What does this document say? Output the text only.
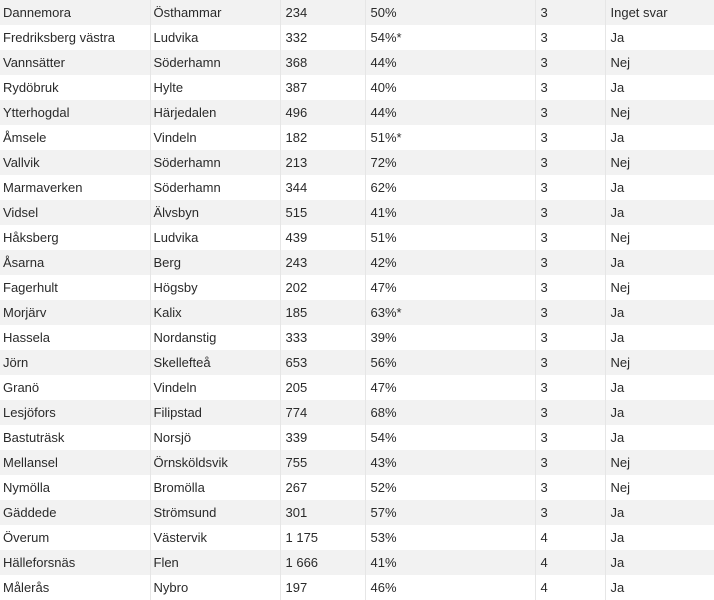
Dannemora	Östhammar	234	50%	3	Inget svar
Fredriksberg västra	Ludvika	332	54%*	3	Ja
Vannsätter	Söderhamn	368	44%	3	Nej
Rydöbruk	Hylte	387	40%	3	Ja
Ytterhogdal	Härjedalen	496	44%	3	Nej
Åmsele	Vindeln	182	51%*	3	Ja
Vallvik	Söderhamn	213	72%	3	Nej
Marmaverken	Söderhamn	344	62%	3	Ja
Vidsel	Älvsbyn	515	41%	3	Ja
Håksberg	Ludvika	439	51%	3	Nej
Åsarna	Berg	243	42%	3	Ja
Fagerhult	Högsby	202	47%	3	Nej
Morjärv	Kalix	185	63%*	3	Ja
Hassela	Nordanstig	333	39%	3	Ja
Jörn	Skellefteå	653	56%	3	Nej
Granö	Vindeln	205	47%	3	Ja
Lesjöfors	Filipstad	774	68%	3	Ja
Bastuträsk	Norsjö	339	54%	3	Ja
Mellansel	Örnsköldsvik	755	43%	3	Nej
Nymölla	Bromölla	267	52%	3	Nej
Gäddede	Strömsund	301	57%	3	Ja
Överum	Västervik	1 175	53%	4	Ja
Hälleforsnäs	Flen	1 666	41%	4	Ja
Målerås	Nybro	197	46%	4	Ja
